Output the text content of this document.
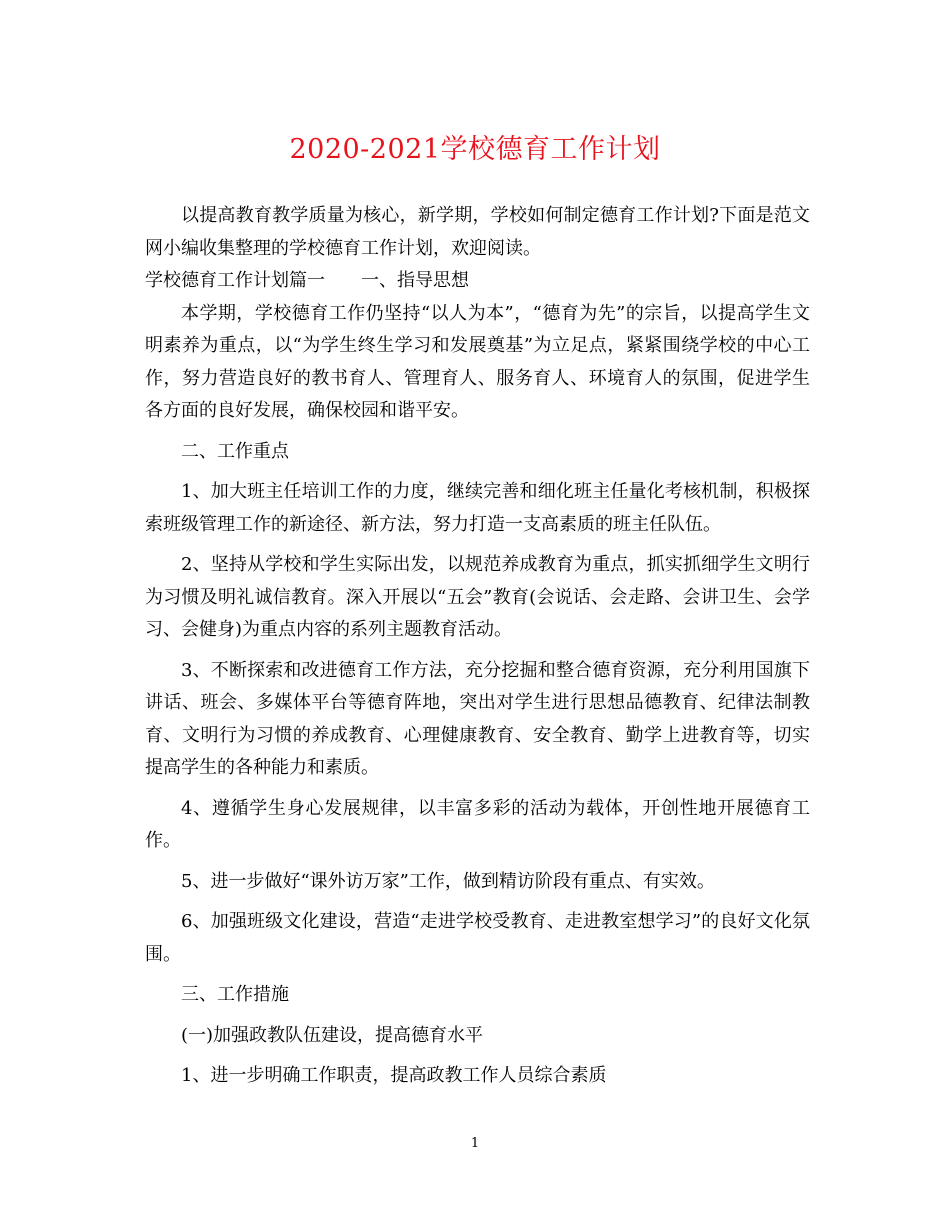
2020-2021学校德育工作计划

以提高教育教学质量为核心，新学期，学校如何制定德育工作计划?下面是范文网小编收集整理的学校德育工作计划，欢迎阅读。

学校德育工作计划篇一　　一、指导思想

本学期，学校德育工作仍坚持“以人为本”，“德育为先”的宗旨，以提高学生文明素养为重点，以“为学生终生学习和发展奠基”为立足点，紧紧围绕学校的中心工作，努力营造良好的教书育人、管理育人、服务育人、环境育人的氛围，促进学生各方面的良好发展，确保校园和谐平安。

二、工作重点

1、加大班主任培训工作的力度，继续完善和细化班主任量化考核机制，积极探索班级管理工作的新途径、新方法，努力打造一支高素质的班主任队伍。

2、坚持从学校和学生实际出发，以规范养成教育为重点，抓实抓细学生文明行为习惯及明礼诚信教育。深入开展以“五会”教育(会说话、会走路、会讲卫生、会学习、会健身)为重点内容的系列主题教育活动。

3、不断探索和改进德育工作方法，充分挖掘和整合德育资源，充分利用国旗下讲话、班会、多媒体平台等德育阵地，突出对学生进行思想品德教育、纪律法制教育、文明行为习惯的养成教育、心理健康教育、安全教育、勤学上进教育等，切实提高学生的各种能力和素质。

4、遵循学生身心发展规律，以丰富多彩的活动为载体，开创性地开展德育工作。

5、进一步做好“课外访万家”工作，做到精访阶段有重点、有实效。

6、加强班级文化建设，营造“走进学校受教育、走进教室想学习”的良好文化氛围。

三、工作措施

(一)加强政教队伍建设，提高德育水平

1、进一步明确工作职责，提高政教工作人员综合素质

1
